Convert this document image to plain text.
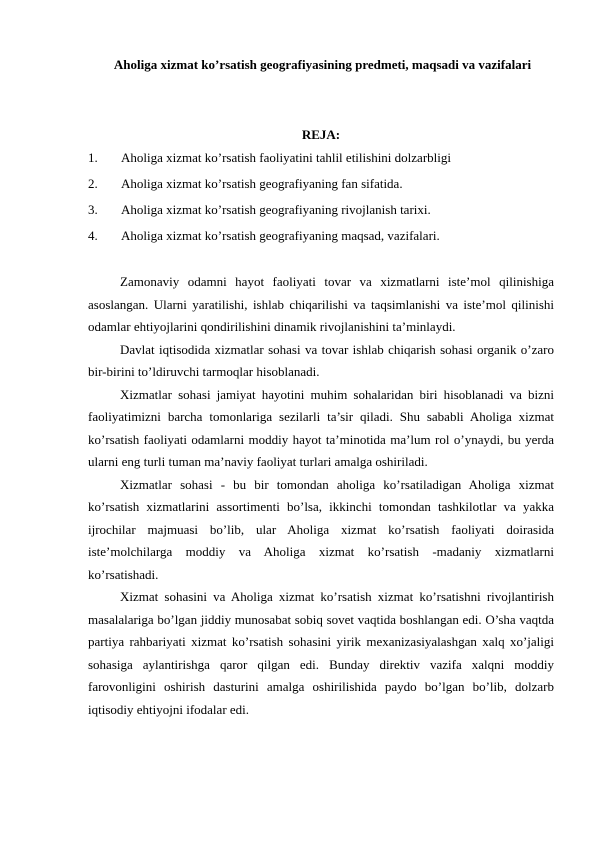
Aholiga xizmat ko’rsatish geografiyasining predmeti, maqsadi va vazifalari
REJA:
1.	Aholiga xizmat ko’rsatish faoliyatini tahlil etilishini dolzarbligi
2.	Aholiga xizmat ko’rsatish geografiyaning fan sifatida.
3.	Aholiga xizmat ko’rsatish geografiyaning rivojlanish tarixi.
4.	Aholiga xizmat ko’rsatish geografiyaning maqsad, vazifalari.

Zamonaviy odamni hayot faoliyati tovar va xizmatlarni iste’mol qilinishiga asoslangan. Ularni yaratilishi, ishlab chiqarilishi va taqsimlanishi va iste’mol qilinishi odamlar ehtiyojlarini qondirilishini dinamik rivojlanishini ta’minlaydi.

Davlat iqtisodida xizmatlar sohasi va tovar ishlab chiqarish sohasi organik o’zaro bir-birini to’ldiruvchi tarmoqlar hisoblanadi.

Xizmatlar sohasi jamiyat hayotini muhim sohalaridan biri hisoblanadi va bizni faoliyatimizni barcha tomonlariga sezilarli ta’sir qiladi. Shu sababli Aholiga xizmat ko’rsatish faoliyati odamlarni moddiy hayot ta’minotida ma’lum rol o’ynaydi, bu yerda ularni eng turli tuman ma’naviy faoliyat turlari amalga oshiriladi.

Xizmatlar sohasi - bu bir tomondan aholiga ko’rsatiladigan Aholiga xizmat ko’rsatish xizmatlarini assortimenti bo’lsa, ikkinchi tomondan tashkilotlar va yakka ijrochilar majmuasi bo’lib, ular Aholiga xizmat ko’rsatish faoliyati doirasida iste’molchilarga moddiy va Aholiga xizmat ko’rsatish -madaniy xizmatlarni ko’rsatishadi.

Xizmat sohasini va Aholiga xizmat ko’rsatish xizmat ko’rsatishni rivojlantirish masalalariga bo’lgan jiddiy munosabat sobiq sovet vaqtida boshlangan edi. O’sha vaqtda partiya rahbariyati xizmat ko’rsatish sohasini yirik mexanizasiyalashgan xalq xo’jaligi sohasiga aylantirishga qaror qilgan edi. Bunday direktiv vazifa xalqni moddiy farovonligini oshirish dasturini amalga oshirilishida paydo bo’lgan bo’lib, dolzarb iqtisodiy ehtiyojni ifodalar edi.
